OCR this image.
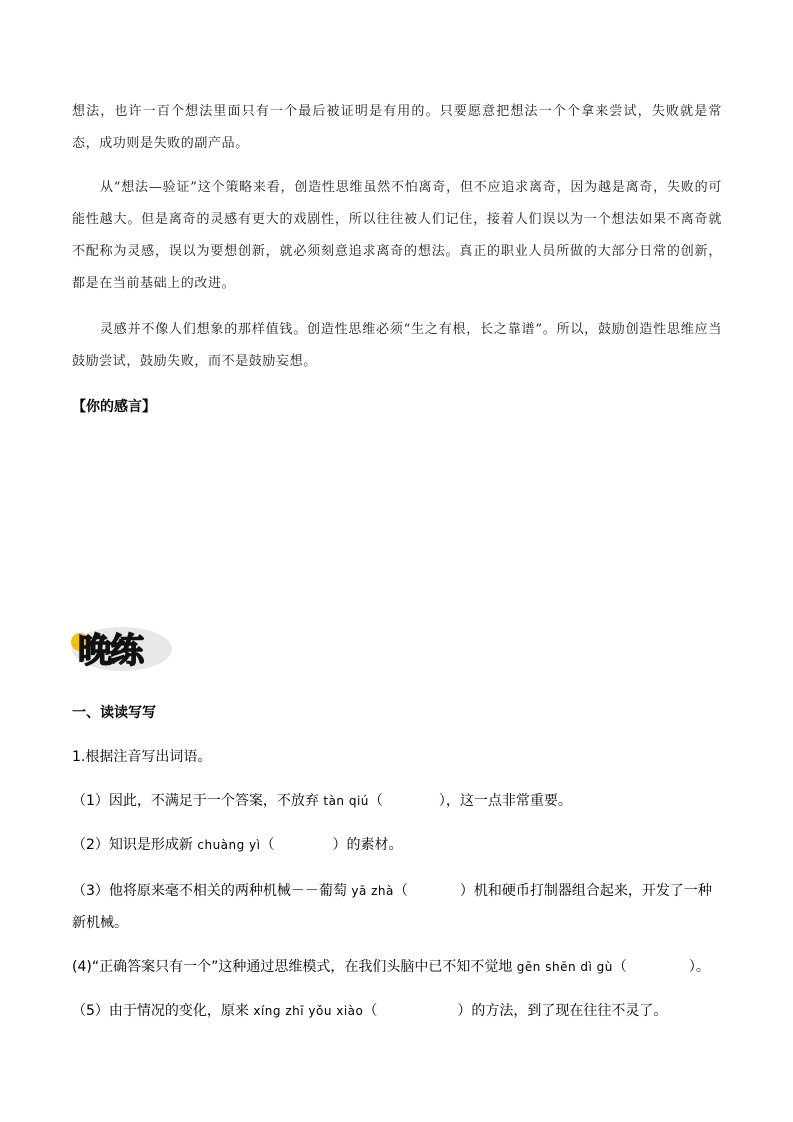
想法，也许一百个想法里面只有一个最后被证明是有用的。只要愿意把想法一个个拿来尝试，失败就是常态，成功则是失败的副产品。
从“想法—验证”这个策略来看，创造性思维虽然不怕离奇，但不应追求离奇，因为越是离奇，失败的可能性越大。但是离奇的灵感有更大的戏剧性，所以往往被人们记住，接着人们误以为一个想法如果不离奇就不配称为灵感，误以为要想创新，就必须刻意追求离奇的想法。真正的职业人员所做的大部分日常的创新，都是在当前基础上的改进。
灵感并不像人们想象的那样值钱。创造性思维必须“生之有根，长之靠谱”。所以，鼓励创造性思维应当鼓励尝试，鼓励失败，而不是鼓励妄想。
【你的感言】
晚练
一、读读写写
1.根据注音写出词语。
（1）因此，不满足于一个答案，不放弃 tàn qiú（	），这一点非常重要。
（2）知识是形成新 chuàng yì（	）的素材。
（3）他将原来毫不相关的两种机械－－葡萄 yā zhà（	）机和硬币打制器组合起来，开发了一种
新机械。
(4)“正确答案只有一个”这种通过思维模式，在我们头脑中已不知不觉地 gēn shēn dì gù（	）。
（5）由于情况的变化，原来 xíng zhī yǒu xiào（	）的方法，到了现在往往不灵了。
